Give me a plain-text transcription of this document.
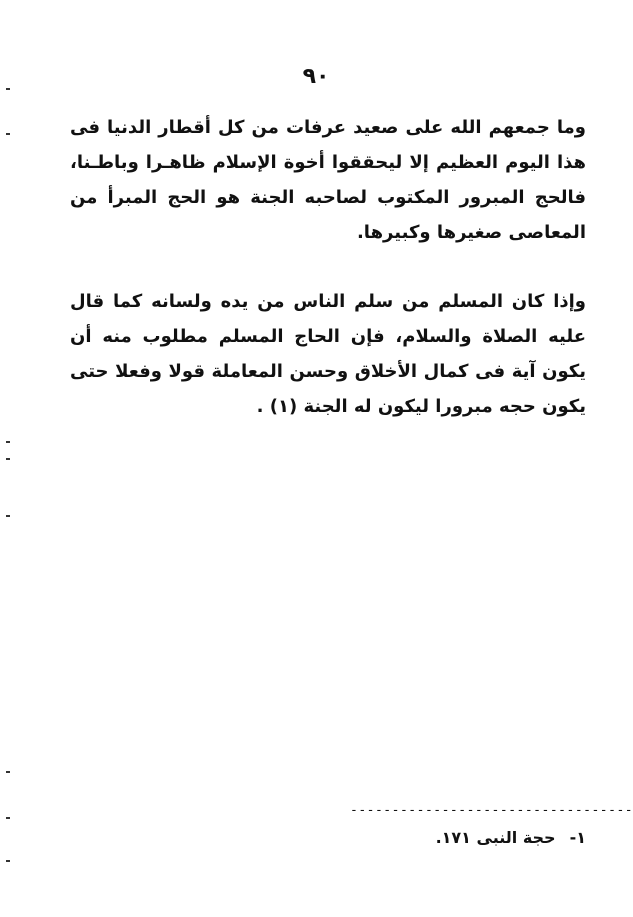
٩٠

وما جمعهم الله على صعيد عرفات من كل أقطار الدنيا فى هذا اليوم العظيم إلا ليحققوا أخوة الإسلام ظاهـرا وباطـنا، فالحج المبرور المكتوب لصاحبه الجنة هو الحج المبرأ من المعاصى صغيرها وكبيرها.

وإذا كان المسلم من سلم الناس من يده ولسانه كما قال عليه الصلاة والسلام، فإن الحاج المسلم مطلوب منه أن يكون آية فى كمال الأخلاق وحسن المعاملة قولا وفعلا حتى يكون حجه مبرورا ليكون له الجنة (١) .

----------------------------------
١-حجة النبى ١٧١.
